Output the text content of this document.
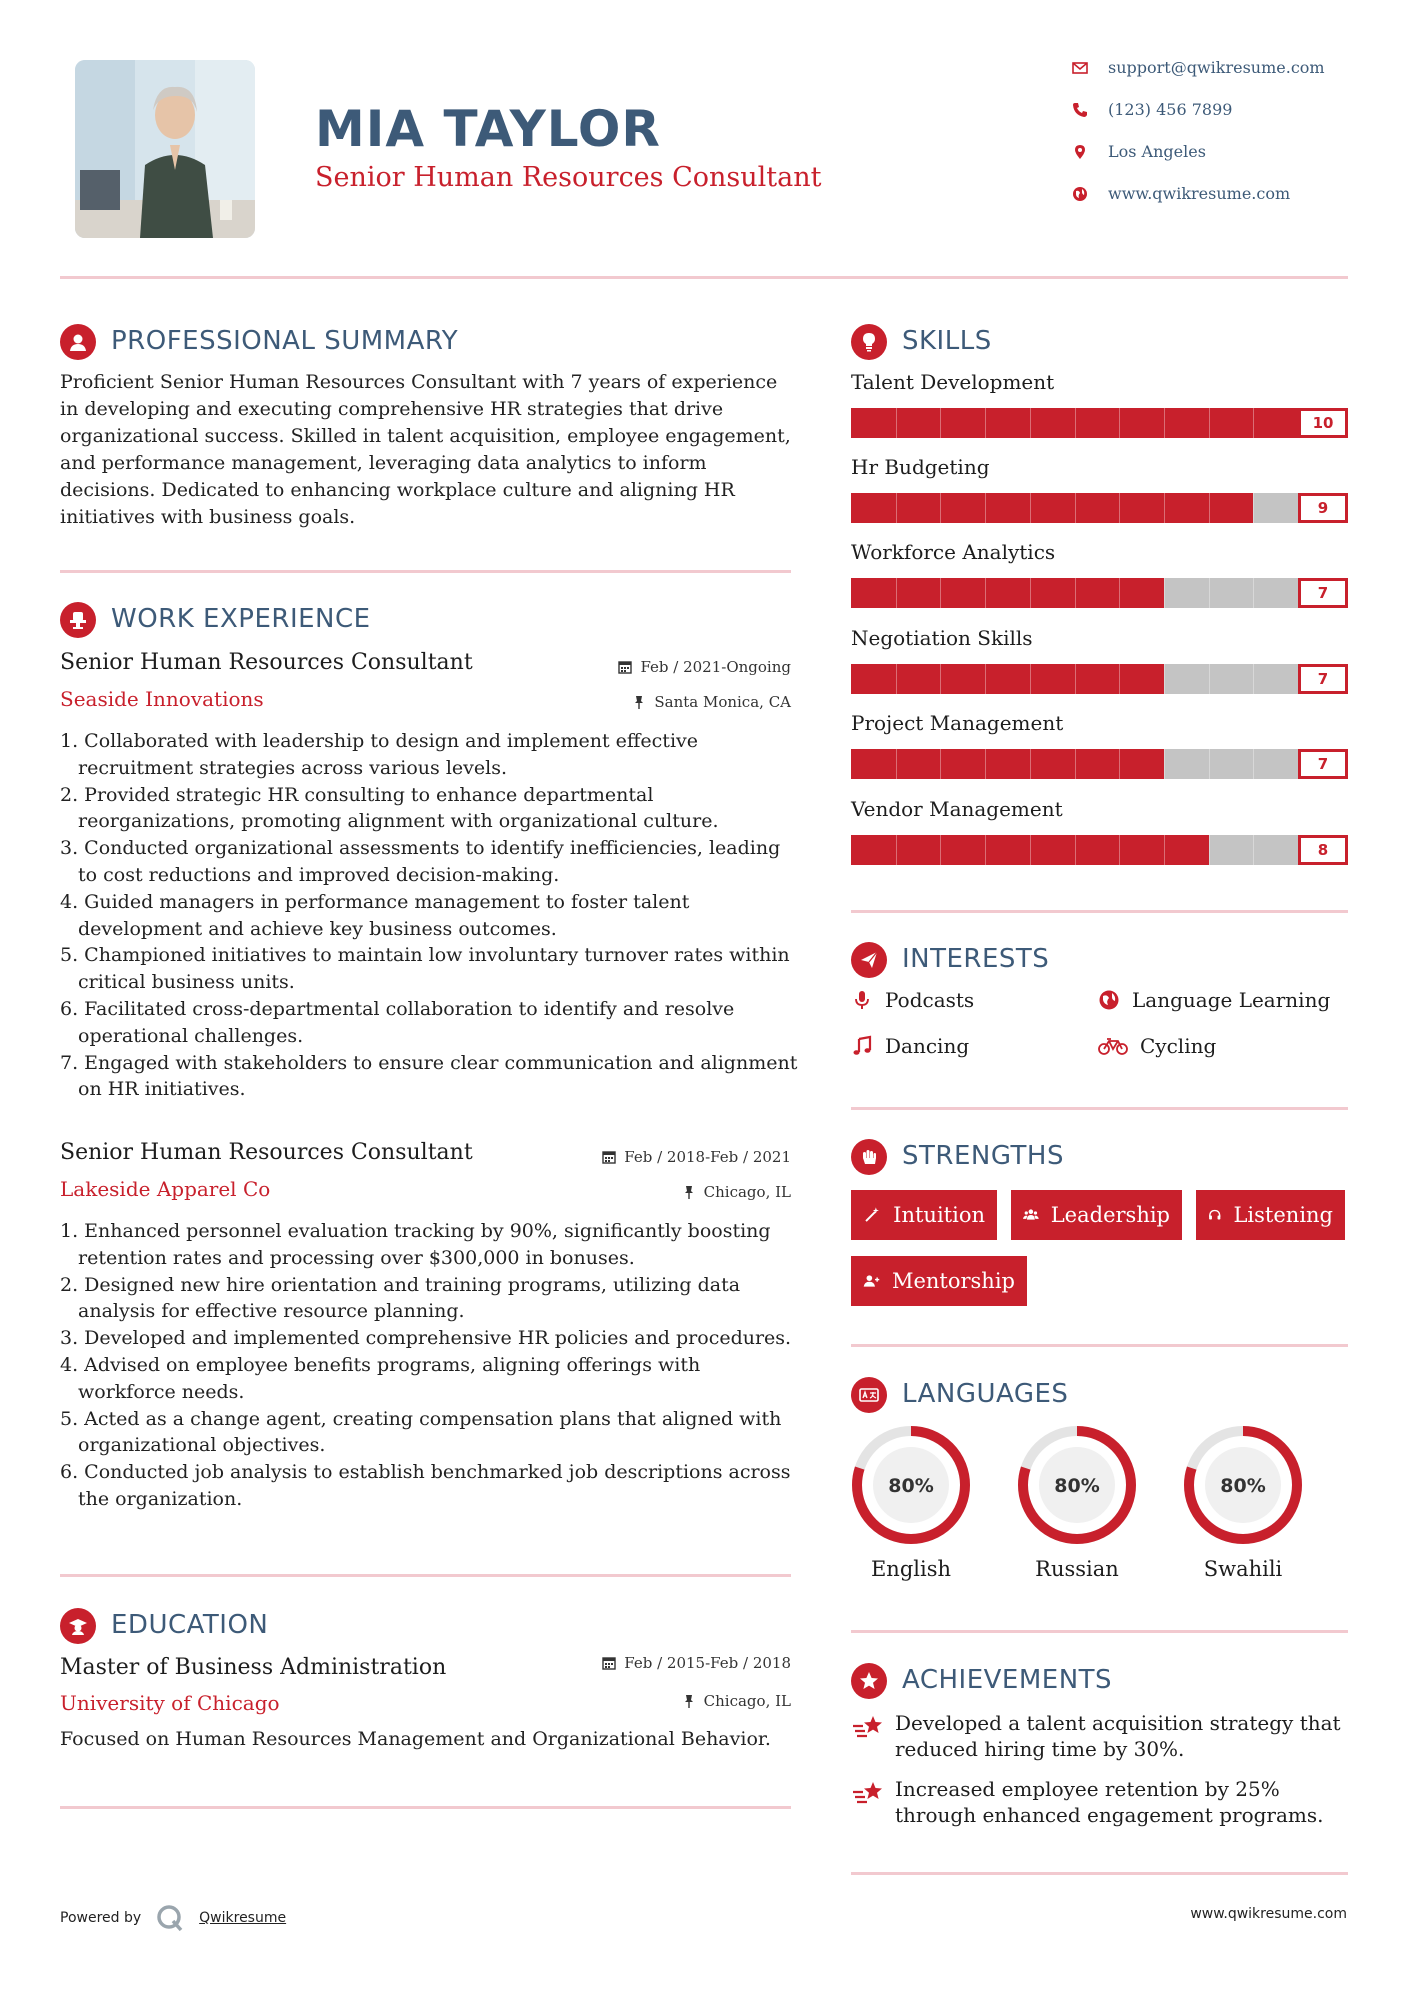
MIA TAYLOR
Senior Human Resources Consultant
support@qwikresume.com
(123) 456 7899
Los Angeles
www.qwikresume.com
PROFESSIONAL SUMMARY
Proficient Senior Human Resources Consultant with 7 years of experience in developing and executing comprehensive HR strategies that drive organizational success. Skilled in talent acquisition, employee engagement, and performance management, leveraging data analytics to inform decisions. Dedicated to enhancing workplace culture and aligning HR initiatives with business goals.
WORK EXPERIENCE
Senior Human Resources Consultant	Feb / 2021-Ongoing
Seaside Innovations	Santa Monica, CA
1. Collaborated with leadership to design and implement effective recruitment strategies across various levels.
2. Provided strategic HR consulting to enhance departmental reorganizations, promoting alignment with organizational culture.
3. Conducted organizational assessments to identify inefficiencies, leading to cost reductions and improved decision-making.
4. Guided managers in performance management to foster talent development and achieve key business outcomes.
5. Championed initiatives to maintain low involuntary turnover rates within critical business units.
6. Facilitated cross-departmental collaboration to identify and resolve operational challenges.
7. Engaged with stakeholders to ensure clear communication and alignment on HR initiatives.
Senior Human Resources Consultant	Feb / 2018-Feb / 2021
Lakeside Apparel Co	Chicago, IL
1. Enhanced personnel evaluation tracking by 90%, significantly boosting retention rates and processing over $300,000 in bonuses.
2. Designed new hire orientation and training programs, utilizing data analysis for effective resource planning.
3. Developed and implemented comprehensive HR policies and procedures.
4. Advised on employee benefits programs, aligning offerings with workforce needs.
5. Acted as a change agent, creating compensation plans that aligned with organizational objectives.
6. Conducted job analysis to establish benchmarked job descriptions across the organization.
EDUCATION
Master of Business Administration	Feb / 2015-Feb / 2018
University of Chicago	Chicago, IL
Focused on Human Resources Management and Organizational Behavior.
SKILLS
Talent Development
10
Hr Budgeting
9
Workforce Analytics
7
Negotiation Skills
7
Project Management
7
Vendor Management
8
INTERESTS
Podcasts	Language Learning
Dancing	Cycling
STRENGTHS
Intuition	Leadership	Listening
Mentorship
LANGUAGES
80%	80%	80%
English	Russian	Swahili
ACHIEVEMENTS
Developed a talent acquisition strategy that reduced hiring time by 30%.
Increased employee retention by 25% through enhanced engagement programs.
Powered by	Qwikresume	www.qwikresume.com
